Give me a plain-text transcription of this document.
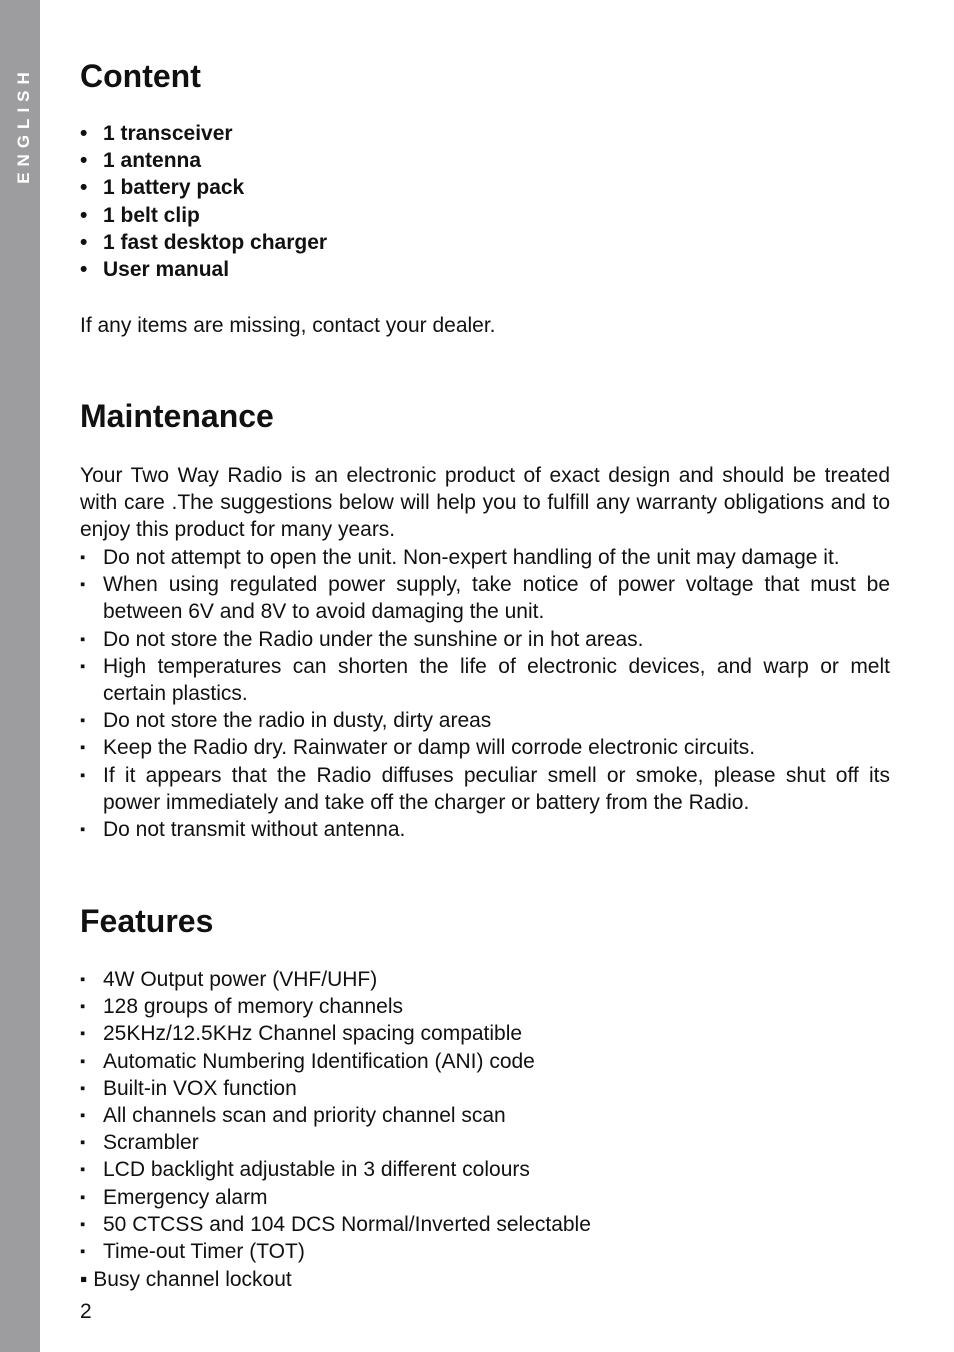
ENGLISH Content
• 1 transceiver
• 1 antenna
• 1 battery pack
• 1 belt clip
• 1 fast desktop charger
• User manual

If any items are missing, contact your dealer.

Maintenance

Your Two Way Radio is an electronic product of exact design and should be treated with care .The suggestions below will help you to fulfill any warranty obligations and to enjoy this product for many years.

▪ Do not attempt to open the unit. Non-expert handling of the unit may damage it.
▪ When using regulated power supply, take notice of power voltage that must be between 6V and 8V to avoid damaging the unit.
▪ Do not store the Radio under the sunshine or in hot areas.
▪ High temperatures can shorten the life of electronic devices, and warp or melt certain plastics.
▪ Do not store the radio in dusty, dirty areas
▪ Keep the Radio dry. Rainwater or damp will corrode electronic circuits.
▪ If it appears that the Radio diffuses peculiar smell or smoke, please shut off its power immediately and take off the charger or battery from the Radio.
▪ Do not transmit without antenna.
Features
▪ 4W Output power (VHF/UHF)
▪ 128 groups of memory channels
▪ 25KHz/12.5KHz Channel spacing compatible
▪ Automatic Numbering Identification (ANI) code
▪ Built-in VOX function
▪ All channels scan and priority channel scan
▪ Scrambler
▪ LCD backlight adjustable in 3 different colours
▪ Emergency alarm
▪ 50 CTCSS and 104 DCS Normal/Inverted selectable
▪ Time-out Timer (TOT)
▪ Busy channel lockout
2
